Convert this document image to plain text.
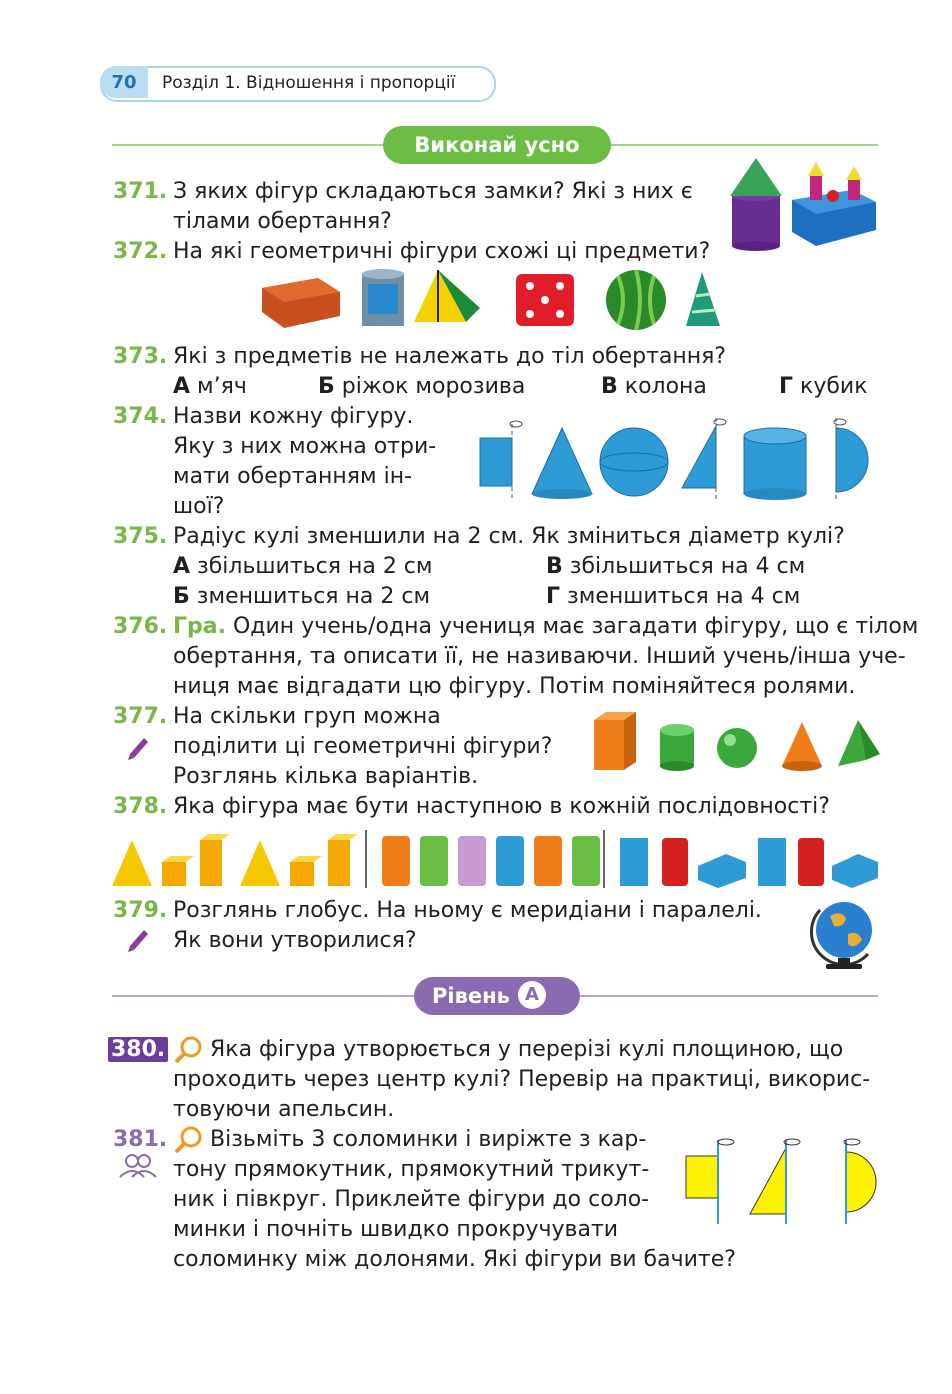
70	Розділ 1. Відношення і пропорції
Виконай усно
371. З яких фігур складаються замки? Які з них є
тілами обертання?
372. На які геометричні фігури схожі ці предмети?
373. Які з предметів не належать до тіл обертання?
А м’яч	Б ріжок морозива	В колона	Г кубик
374. Назви кожну фігуру.
Яку з них можна отри-
мати обертанням ін-
шої?
375. Радіус кулі зменшили на 2 см. Як зміниться діаметр кулі?
А збільшиться на 2 см	В збільшиться на 4 см
Б зменшиться на 2 см	Г зменшиться на 4 см
376. Гра. Один учень/одна учениця має загадати фігуру, що є тілом
обертання, та описати її, не називаючи. Інший учень/інша уче-
ниця має відгадати цю фігуру. Потім поміняйтеся ролями.
377. На скільки груп можна
поділити ці геометричні фігури?
Розглянь кілька варіантів.
378. Яка фігура має бути наступною в кожній послідовності?
379. Розглянь глобус. На ньому є меридіани і паралелі.
Як вони утворилися?
Рівень А
380. Яка фігура утворюється у перерізі кулі площиною, що
проходить через центр кулі? Перевір на практиці, викорис-
товуючи апельсин.
381. Візьміть 3 соломинки і виріжте з кар-
тону прямокутник, прямокутний трикут-
ник і півкруг. Приклейте фігури до соло-
минки і почніть швидко прокручувати
соломинку між долонями. Які фігури ви бачите?
